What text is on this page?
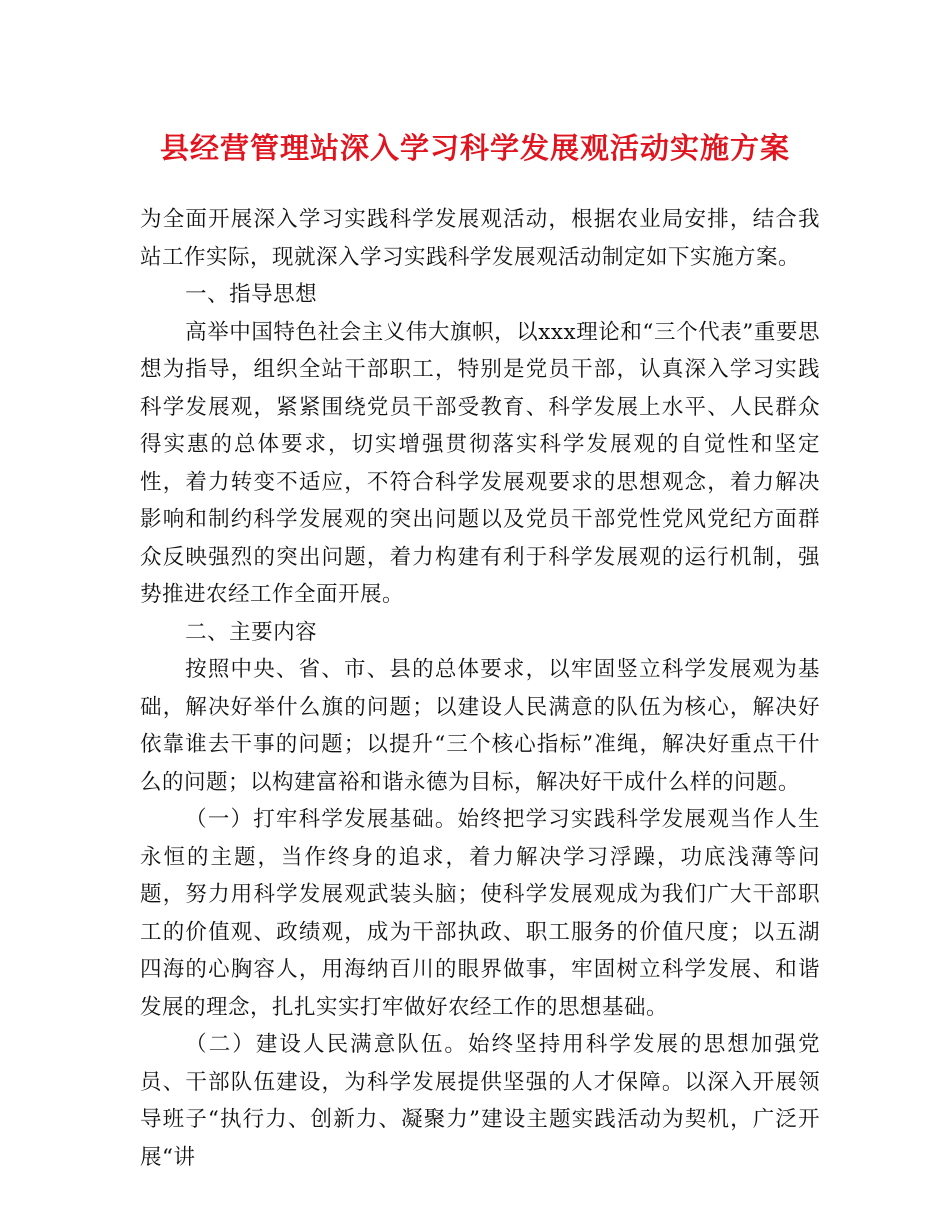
县经营管理站深入学习科学发展观活动实施方案

为全面开展深入学习实践科学发展观活动，根据农业局安排，结合我站工作实际，现就深入学习实践科学发展观活动制定如下实施方案。

一、指导思想

高举中国特色社会主义伟大旗帜，以xxx理论和“三个代表”重要思想为指导，组织全站干部职工，特别是党员干部，认真深入学习实践科学发展观，紧紧围绕党员干部受教育、科学发展上水平、人民群众得实惠的总体要求，切实增强贯彻落实科学发展观的自觉性和坚定性，着力转变不适应，不符合科学发展观要求的思想观念，着力解决影响和制约科学发展观的突出问题以及党员干部党性党风党纪方面群众反映强烈的突出问题，着力构建有利于科学发展观的运行机制，强势推进农经工作全面开展。

二、主要内容

按照中央、省、市、县的总体要求，以牢固竖立科学发展观为基础，解决好举什么旗的问题；以建设人民满意的队伍为核心，解决好依靠谁去干事的问题；以提升“三个核心指标”准绳，解决好重点干什么的问题；以构建富裕和谐永德为目标，解决好干成什么样的问题。

（一）打牢科学发展基础。始终把学习实践科学发展观当作人生永恒的主题，当作终身的追求，着力解决学习浮躁，功底浅薄等问题，努力用科学发展观武装头脑；使科学发展观成为我们广大干部职工的价值观、政绩观，成为干部执政、职工服务的价值尺度；以五湖四海的心胸容人，用海纳百川的眼界做事，牢固树立科学发展、和谐发展的理念，扎扎实实打牢做好农经工作的思想基础。

（二）建设人民满意队伍。始终坚持用科学发展的思想加强党员、干部队伍建设，为科学发展提供坚强的人才保障。以深入开展领导班子“执行力、创新力、凝聚力”建设主题实践活动为契机，广泛开展“讲
